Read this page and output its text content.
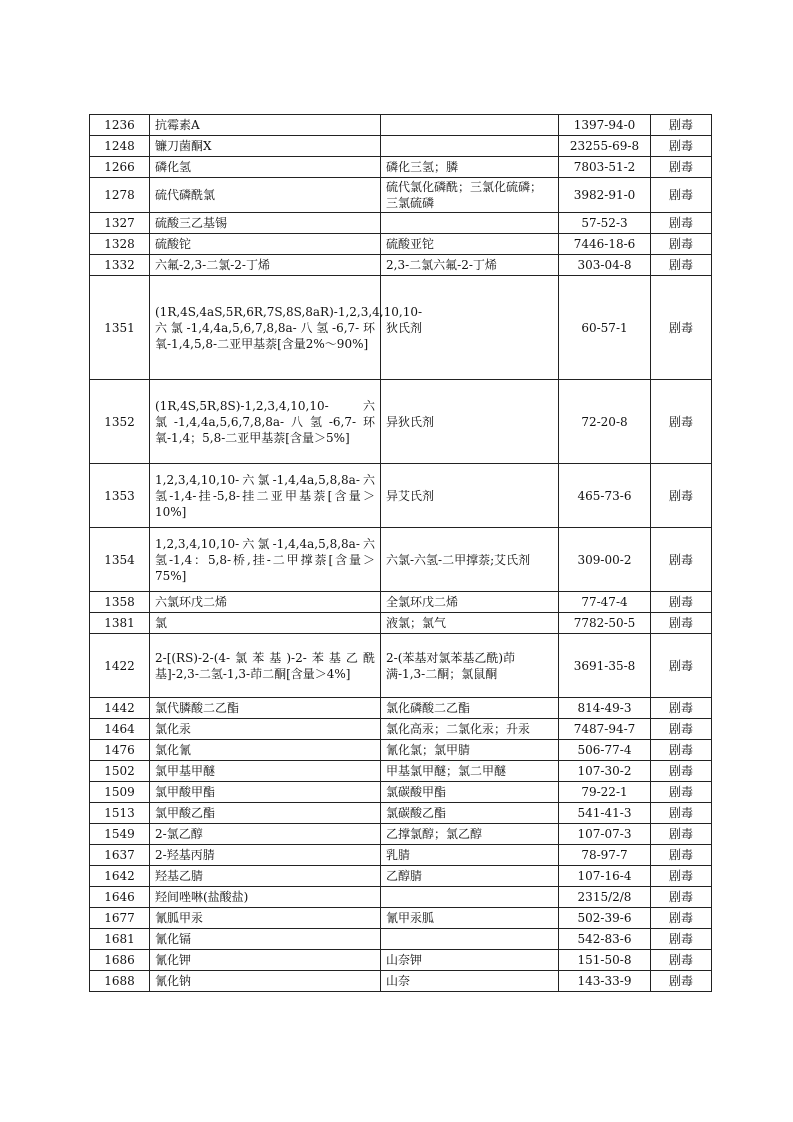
1236	抗霉素A		1397-94-0	剧毒
1248	镰刀菌酮X		23255-69-8	剧毒
1266	磷化氢	磷化三氢；膦	7803-51-2	剧毒
1278	硫代磷酰氯	硫代氯化磷酰；三氯化硫磷；三氯硫磷	3982-91-0	剧毒
1327	硫酸三乙基锡		57-52-3	剧毒
1328	硫酸铊	硫酸亚铊	7446-18-6	剧毒
1332	六氟-2,3-二氯-2-丁烯	2,3-二氯六氟-2-丁烯	303-04-8	剧毒
1351	(1R,4S,4aS,5R,6R,7S,8S,8aR)-1,2,3,4,10,10-六氯-1,4,4a,5,6,7,8,8a-八氢-6,7-环氧-1,4,5,8-二亚甲基萘[含量2%～90%]	狄氏剂	60-57-1	剧毒
1352	(1R,4S,5R,8S)-1,2,3,4,10,10-六氯-1,4,4a,5,6,7,8,8a-八氢-6,7-环氧-1,4；5,8-二亚甲基萘[含量＞5%]	异狄氏剂	72-20-8	剧毒
1353	1,2,3,4,10,10-六氯-1,4,4a,5,8,8a-六氢-1,4-挂-5,8-挂二亚甲基萘[含量＞10%]	异艾氏剂	465-73-6	剧毒
1354	1,2,3,4,10,10-六氯-1,4,4a,5,8,8a-六氢-1,4：5,8-桥,挂-二甲撑萘[含量＞75%]	六氯-六氢-二甲撑萘;艾氏剂	309-00-2	剧毒
1358	六氯环戊二烯	全氯环戊二烯	77-47-4	剧毒
1381	氯	液氯；氯气	7782-50-5	剧毒
1422	2-[(RS)-2-(4-氯苯基)-2-苯基乙酰基]-2,3-二氢-1,3-茚二酮[含量＞4%]	2-(苯基对氯苯基乙酰)茚满-1,3-二酮；氯鼠酮	3691-35-8	剧毒
1442	氯代膦酸二乙酯	氯化磷酸二乙酯	814-49-3	剧毒
1464	氯化汞	氯化高汞；二氯化汞；升汞	7487-94-7	剧毒
1476	氯化氰	氰化氯；氯甲腈	506-77-4	剧毒
1502	氯甲基甲醚	甲基氯甲醚；氯二甲醚	107-30-2	剧毒
1509	氯甲酸甲酯	氯碳酸甲酯	79-22-1	剧毒
1513	氯甲酸乙酯	氯碳酸乙酯	541-41-3	剧毒
1549	2-氯乙醇	乙撑氯醇；氯乙醇	107-07-3	剧毒
1637	2-羟基丙腈	乳腈	78-97-7	剧毒
1642	羟基乙腈	乙醇腈	107-16-4	剧毒
1646	羟间唑啉(盐酸盐)		2315/2/8	剧毒
1677	氰胍甲汞	氰甲汞胍	502-39-6	剧毒
1681	氰化镉		542-83-6	剧毒
1686	氰化钾	山奈钾	151-50-8	剧毒
1688	氰化钠	山奈	143-33-9	剧毒
